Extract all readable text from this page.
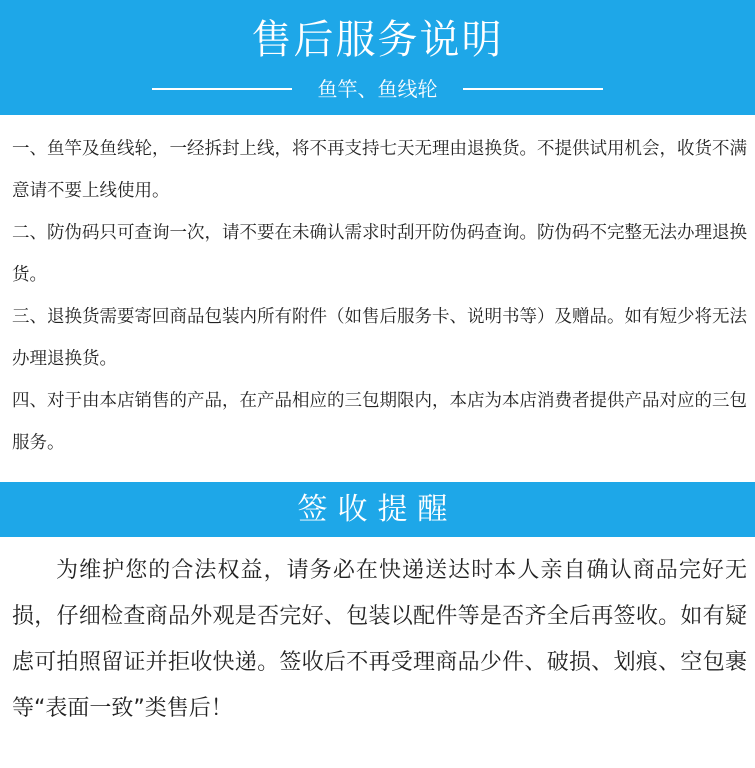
售后服务说明
鱼竿、鱼线轮
一、鱼竿及鱼线轮，一经拆封上线，将不再支持七天无理由退换货。不提供试用机会，收货不满意请不要上线使用。
二、防伪码只可查询一次，请不要在未确认需求时刮开防伪码查询。防伪码不完整无法办理退换货。
三、退换货需要寄回商品包装内所有附件（如售后服务卡、说明书等）及赠品。如有短少将无法办理退换货。
四、对于由本店销售的产品，在产品相应的三包期限内，本店为本店消费者提供产品对应的三包服务。
签收提醒

为维护您的合法权益，请务必在快递送达时本人亲自确认商品完好无损，仔细检查商品外观是否完好、包装以配件等是否齐全后再签收。如有疑虑可拍照留证并拒收快递。签收后不再受理商品少件、破损、划痕、空包裹等“表面一致”类售后！
